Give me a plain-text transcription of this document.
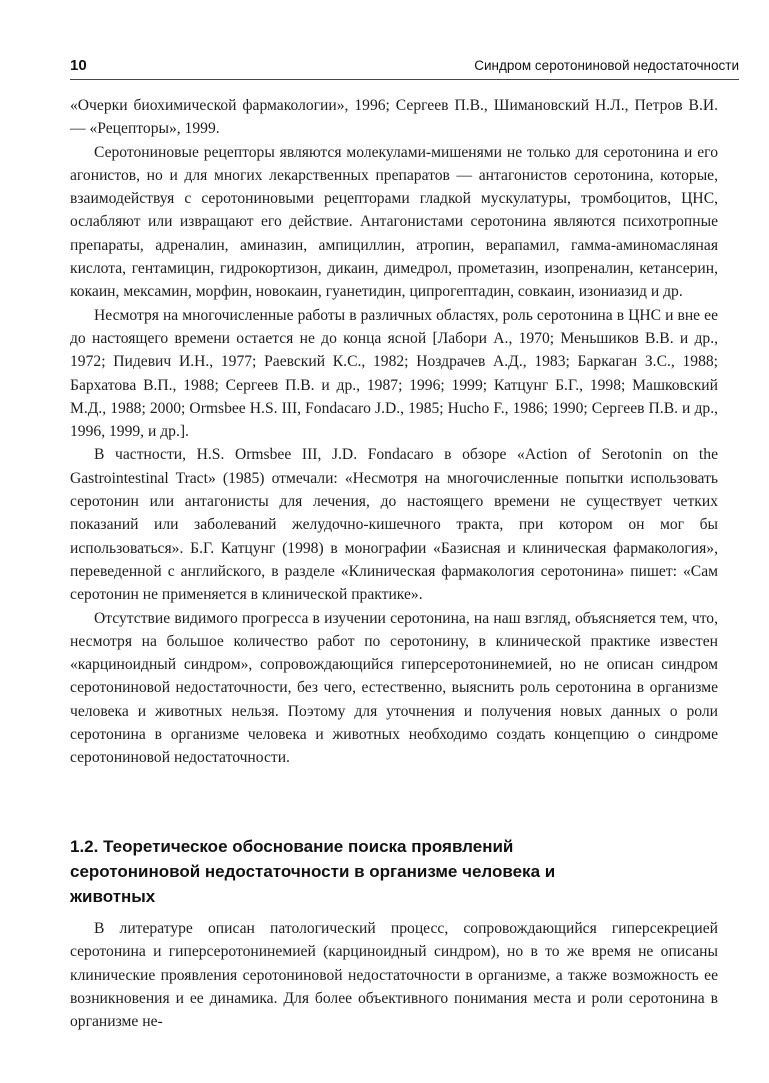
10	Синдром серотониновой недостаточности

«Очерки биохимической фармакологии», 1996; Сергеев П.В., Шимановский Н.Л., Петров В.И. — «Рецепторы», 1999.

Серотониновые рецепторы являются молекулами-мишенями не только для серотонина и его агонистов, но и для многих лекарственных препаратов — антагонистов серотонина, которые, взаимодействуя с серотониновыми рецепторами гладкой мускулатуры, тромбоцитов, ЦНС, ослабляют или извращают его действие. Антагонистами серотонина являются психотропные препараты, адреналин, аминазин, ампициллин, атропин, верапамил, гамма-аминомасляная кислота, гентамицин, гидрокортизон, дикаин, димедрол, прометазин, изопреналин, кетансерин, кокаин, мексамин, морфин, новокаин, гуанетидин, ципрогептадин, совкаин, изониазид и др.

Несмотря на многочисленные работы в различных областях, роль серотонина в ЦНС и вне ее до настоящего времени остается не до конца ясной [Лабори А., 1970; Меньшиков В.В. и др., 1972; Пидевич И.Н., 1977; Раевский К.С., 1982; Ноздрачев А.Д., 1983; Баркаган З.С., 1988; Бархатова В.П., 1988; Сергеев П.В. и др., 1987; 1996; 1999; Катцунг Б.Г., 1998; Машковский М.Д., 1988; 2000; Ormsbee H.S. III, Fondacaro J.D., 1985; Hucho F., 1986; 1990; Сергеев П.В. и др., 1996, 1999, и др.].

В частности, H.S. Ormsbee III, J.D. Fondacaro в обзоре «Action of Serotonin on the Gastrointestinal Tract» (1985) отмечали: «Несмотря на многочисленные попытки использовать серотонин или антагонисты для лечения, до настоящего времени не существует четких показаний или заболеваний желудочно-кишечного тракта, при котором он мог бы использоваться». Б.Г. Катцунг (1998) в монографии «Базисная и клиническая фармакология», переведенной с английского, в разделе «Клиническая фармакология серотонина» пишет: «Сам серотонин не применяется в клинической практике».

Отсутствие видимого прогресса в изучении серотонина, на наш взгляд, объясняется тем, что, несмотря на большое количество работ по серотонину, в клинической практике известен «карциноидный синдром», сопровождающийся гиперсеротонинемией, но не описан синдром серотониновой недостаточности, без чего, естественно, выяснить роль серотонина в организме человека и животных нельзя. Поэтому для уточнения и получения новых данных о роли серотонина в организме человека и животных необходимо создать концепцию о синдроме серотониновой недостаточности.

1.2. Теоретическое обоснование поиска проявлений серотониновой недостаточности в организме человека и животных

В литературе описан патологический процесс, сопровождающийся гиперсекрецией серотонина и гиперсеротонинемией (карциноидный синдром), но в то же время не описаны клинические проявления серотониновой недостаточности в организме, а также возможность ее возникновения и ее динамика. Для более объективного понимания места и роли серотонина в организме не-
